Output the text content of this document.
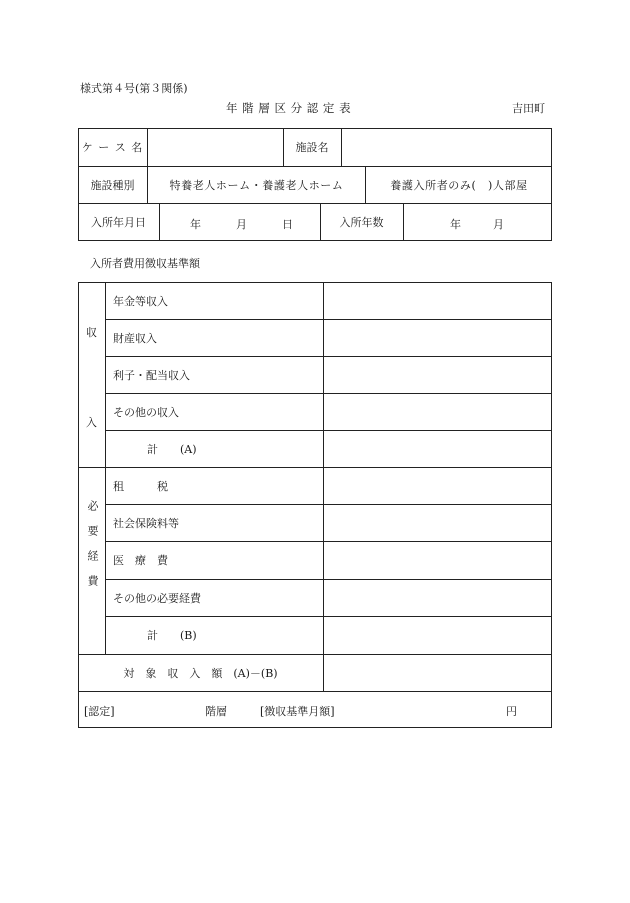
様式第４号(第３関係)
年 階 層 区 分 認 定 表	吉田町
ケ ー ス 名	施設名
施設種別	特養老人ホーム・養護老人ホーム	養護入所者のみ(　)人部屋
入所年月日	年	月	日	入所年数	年	月
入所者費用徴収基準額
収
入
年金等収入
財産収入
利子・配当収入
その他の収入
計　　(A)
必要経費
租　　　税
社会保険料等
医　療　費
その他の必要経費
計　　(B)
対　象　収　入　額　(A)－(B)
[認定]	階層	[徴収基準月額]	円
